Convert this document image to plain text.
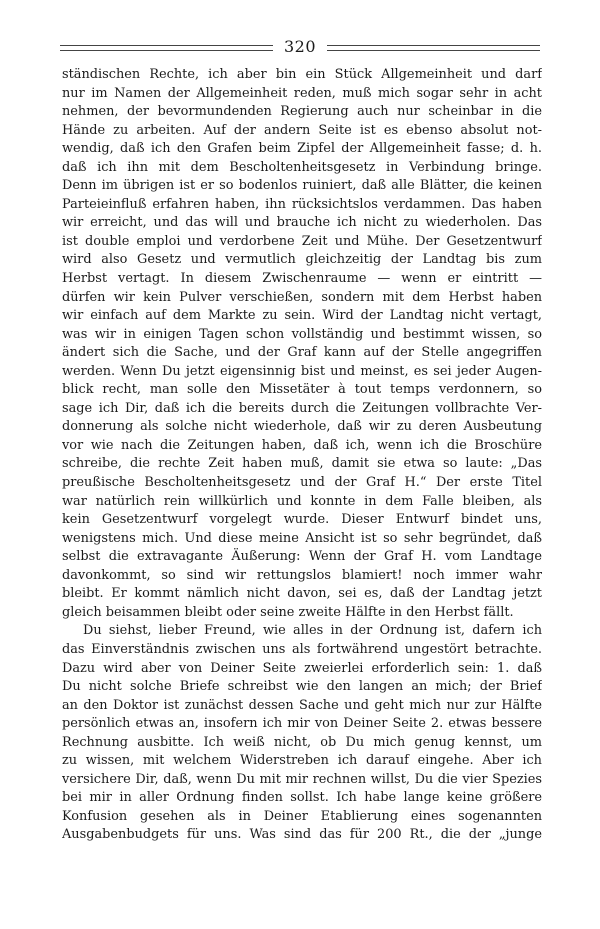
320
ständischen Rechte, ich aber bin ein Stück Allgemeinheit und darf
nur im Namen der Allgemeinheit reden, muß mich sogar sehr in acht
nehmen, der bevormundenden Regierung auch nur scheinbar in die
Hände zu arbeiten. Auf der andern Seite ist es ebenso absolut not-
wendig, daß ich den Grafen beim Zipfel der Allgemeinheit fasse; d. h.
daß ich ihn mit dem Bescholtenheitsgesetz in Verbindung bringe.
Denn im übrigen ist er so bodenlos ruiniert, daß alle Blätter, die keinen
Parteieinfluß erfahren haben, ihn rücksichtslos verdammen. Das haben
wir erreicht, und das will und brauche ich nicht zu wiederholen. Das
ist double emploi und verdorbene Zeit und Mühe. Der Gesetzentwurf
wird also Gesetz und vermutlich gleichzeitig der Landtag bis zum
Herbst vertagt. In diesem Zwischenraume — wenn er eintritt —
dürfen wir kein Pulver verschießen, sondern mit dem Herbst haben
wir einfach auf dem Markte zu sein. Wird der Landtag nicht vertagt,
was wir in einigen Tagen schon vollständig und bestimmt wissen, so
ändert sich die Sache, und der Graf kann auf der Stelle angegriffen
werden. Wenn Du jetzt eigensinnig bist und meinst, es sei jeder Augen-
blick recht, man solle den Missetäter à tout temps verdonnern, so
sage ich Dir, daß ich die bereits durch die Zeitungen vollbrachte Ver-
donnerung als solche nicht wiederhole, daß wir zu deren Ausbeutung
vor wie nach die Zeitungen haben, daß ich, wenn ich die Broschüre
schreibe, die rechte Zeit haben muß, damit sie etwa so laute: „Das
preußische Bescholtenheitsgesetz und der Graf H.“ Der erste Titel
war natürlich rein willkürlich und konnte in dem Falle bleiben, als
kein Gesetzentwurf vorgelegt wurde. Dieser Entwurf bindet uns,
wenigstens mich. Und diese meine Ansicht ist so sehr begründet, daß
selbst die extravagante Äußerung: Wenn der Graf H. vom Landtage
davonkommt, so sind wir rettungslos blamiert! noch immer wahr
bleibt. Er kommt nämlich nicht davon, sei es, daß der Landtag jetzt
gleich beisammen bleibt oder seine zweite Hälfte in den Herbst fällt.
Du siehst, lieber Freund, wie alles in der Ordnung ist, dafern ich
das Einverständnis zwischen uns als fortwährend ungestört betrachte.
Dazu wird aber von Deiner Seite zweierlei erforderlich sein: 1. daß
Du nicht solche Briefe schreibst wie den langen an mich; der Brief
an den Doktor ist zunächst dessen Sache und geht mich nur zur Hälfte
persönlich etwas an, insofern ich mir von Deiner Seite 2. etwas bessere
Rechnung ausbitte. Ich weiß nicht, ob Du mich genug kennst, um
zu wissen, mit welchem Widerstreben ich darauf eingehe. Aber ich
versichere Dir, daß, wenn Du mit mir rechnen willst, Du die vier Spezies
bei mir in aller Ordnung finden sollst. Ich habe lange keine größere
Konfusion gesehen als in Deiner Etablierung eines sogenannten
Ausgabenbudgets für uns. Was sind das für 200 Rt., die der „junge
